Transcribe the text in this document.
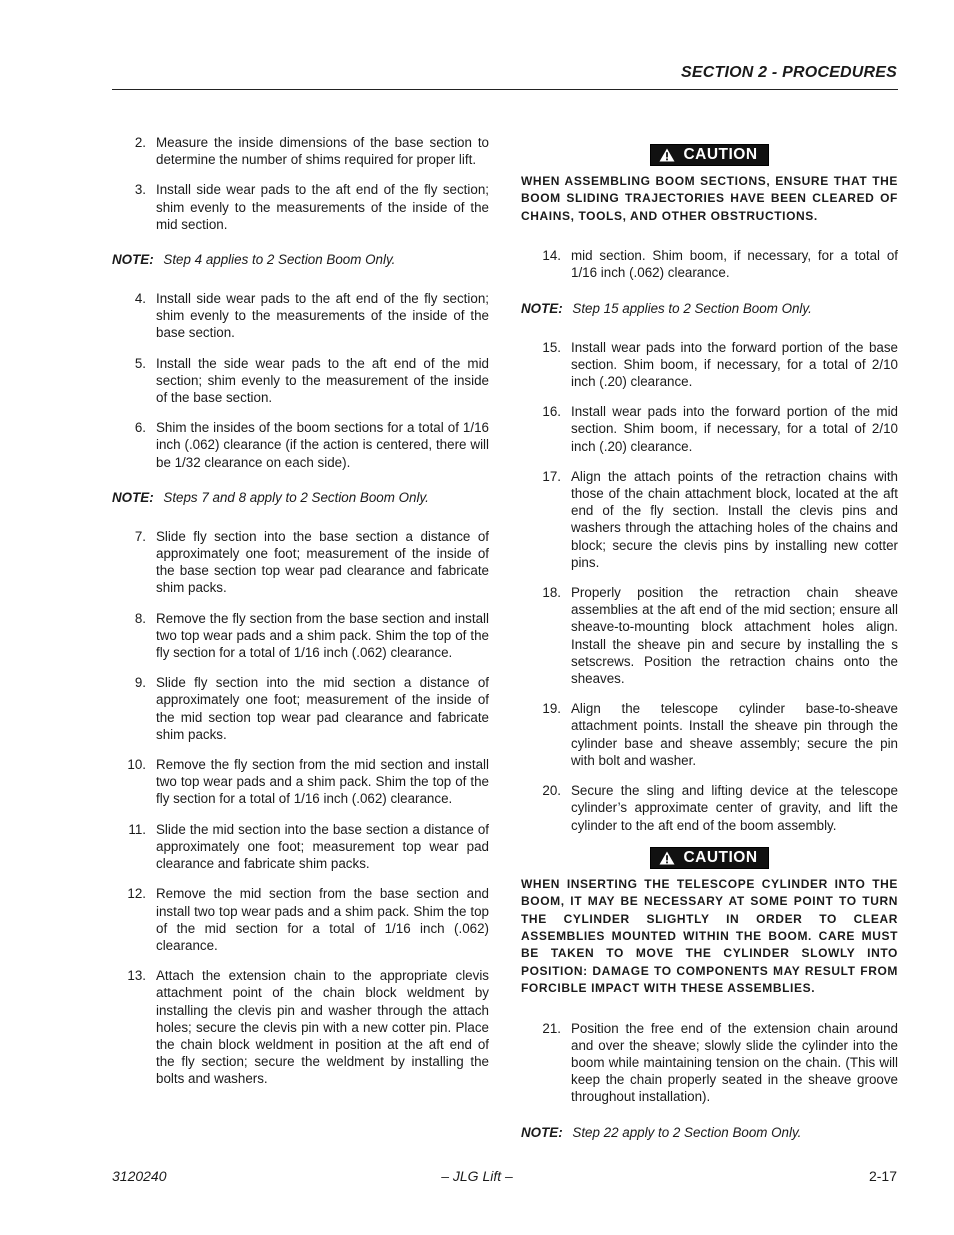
SECTION 2 - PROCEDURES
2. Measure the inside dimensions of the base section to determine the number of shims required for proper lift.
3. Install side wear pads to the aft end of the fly section; shim evenly to the measurements of the inside of the mid section.
NOTE: Step 4 applies to 2 Section Boom Only.
4. Install side wear pads to the aft end of the fly section; shim evenly to the measurements of the inside of the base section.
5. Install the side wear pads to the aft end of the mid section; shim evenly to the measurement of the inside of the base section.
6. Shim the insides of the boom sections for a total of 1/16 inch (.062) clearance (if the action is centered, there will be 1/32 clearance on each side).
NOTE: Steps 7 and 8 apply to 2 Section Boom Only.
7. Slide fly section into the base section a distance of approximately one foot; measurement of the inside of the base section top wear pad clearance and fabricate shim packs.
8. Remove the fly section from the base section and install two top wear pads and a shim pack. Shim the top of the fly section for a total of 1/16 inch (.062) clearance.
9. Slide fly section into the mid section a distance of approximately one foot; measurement of the inside of the mid section top wear pad clearance and fabricate shim packs.
10. Remove the fly section from the mid section and install two top wear pads and a shim pack. Shim the top of the fly section for a total of 1/16 inch (.062) clearance.
11. Slide the mid section into the base section a distance of approximately one foot; measurement top wear pad clearance and fabricate shim packs.
12. Remove the mid section from the base section and install two top wear pads and a shim pack. Shim the top of the mid section for a total of 1/16 inch (.062) clearance.
13. Attach the extension chain to the appropriate clevis attachment point of the chain block weldment by installing the clevis pin and washer through the attach holes; secure the clevis pin with a new cotter pin. Place the chain block weldment in position at the aft end of the fly section; secure the weldment by installing the bolts and washers.
CAUTION
WHEN ASSEMBLING BOOM SECTIONS, ENSURE THAT THE BOOM SLIDING TRAJECTORIES HAVE BEEN CLEARED OF CHAINS, TOOLS, AND OTHER OBSTRUCTIONS.
14. mid section. Shim boom, if necessary, for a total of 1/16 inch (.062) clearance.
NOTE: Step 15 applies to 2 Section Boom Only.
15. Install wear pads into the forward portion of the base section. Shim boom, if necessary, for a total of 2/10 inch (.20) clearance.
16. Install wear pads into the forward portion of the mid section. Shim boom, if necessary, for a total of 2/10 inch (.20) clearance.
17. Align the attach points of the retraction chains with those of the chain attachment block, located at the aft end of the fly section. Install the clevis pins and washers through the attaching holes of the chains and block; secure the clevis pins by installing new cotter pins.
18. Properly position the retraction chain sheave assemblies at the aft end of the mid section; ensure all sheave-to-mounting block attachment holes align. Install the sheave pin and secure by installing the s setscrews. Position the retraction chains onto the sheaves.
19. Align the telescope cylinder base-to-sheave attachment points. Install the sheave pin through the cylinder base and sheave assembly; secure the pin with bolt and washer.
20. Secure the sling and lifting device at the telescope cylinder’s approximate center of gravity, and lift the cylinder to the aft end of the boom assembly.
CAUTION
WHEN INSERTING THE TELESCOPE CYLINDER INTO THE BOOM, IT MAY BE NECESSARY AT SOME POINT TO TURN THE CYLINDER SLIGHTLY IN ORDER TO CLEAR ASSEMBLIES MOUNTED WITHIN THE BOOM. CARE MUST BE TAKEN TO MOVE THE CYLINDER SLOWLY INTO POSITION: DAMAGE TO COMPONENTS MAY RESULT FROM FORCIBLE IMPACT WITH THESE ASSEMBLIES.
21. Position the free end of the extension chain around and over the sheave; slowly slide the cylinder into the boom while maintaining tension on the chain. (This will keep the chain properly seated in the sheave groove throughout installation).
NOTE: Step 22 apply to 2 Section Boom Only.
– JLG Lift –
3120240	2-17
